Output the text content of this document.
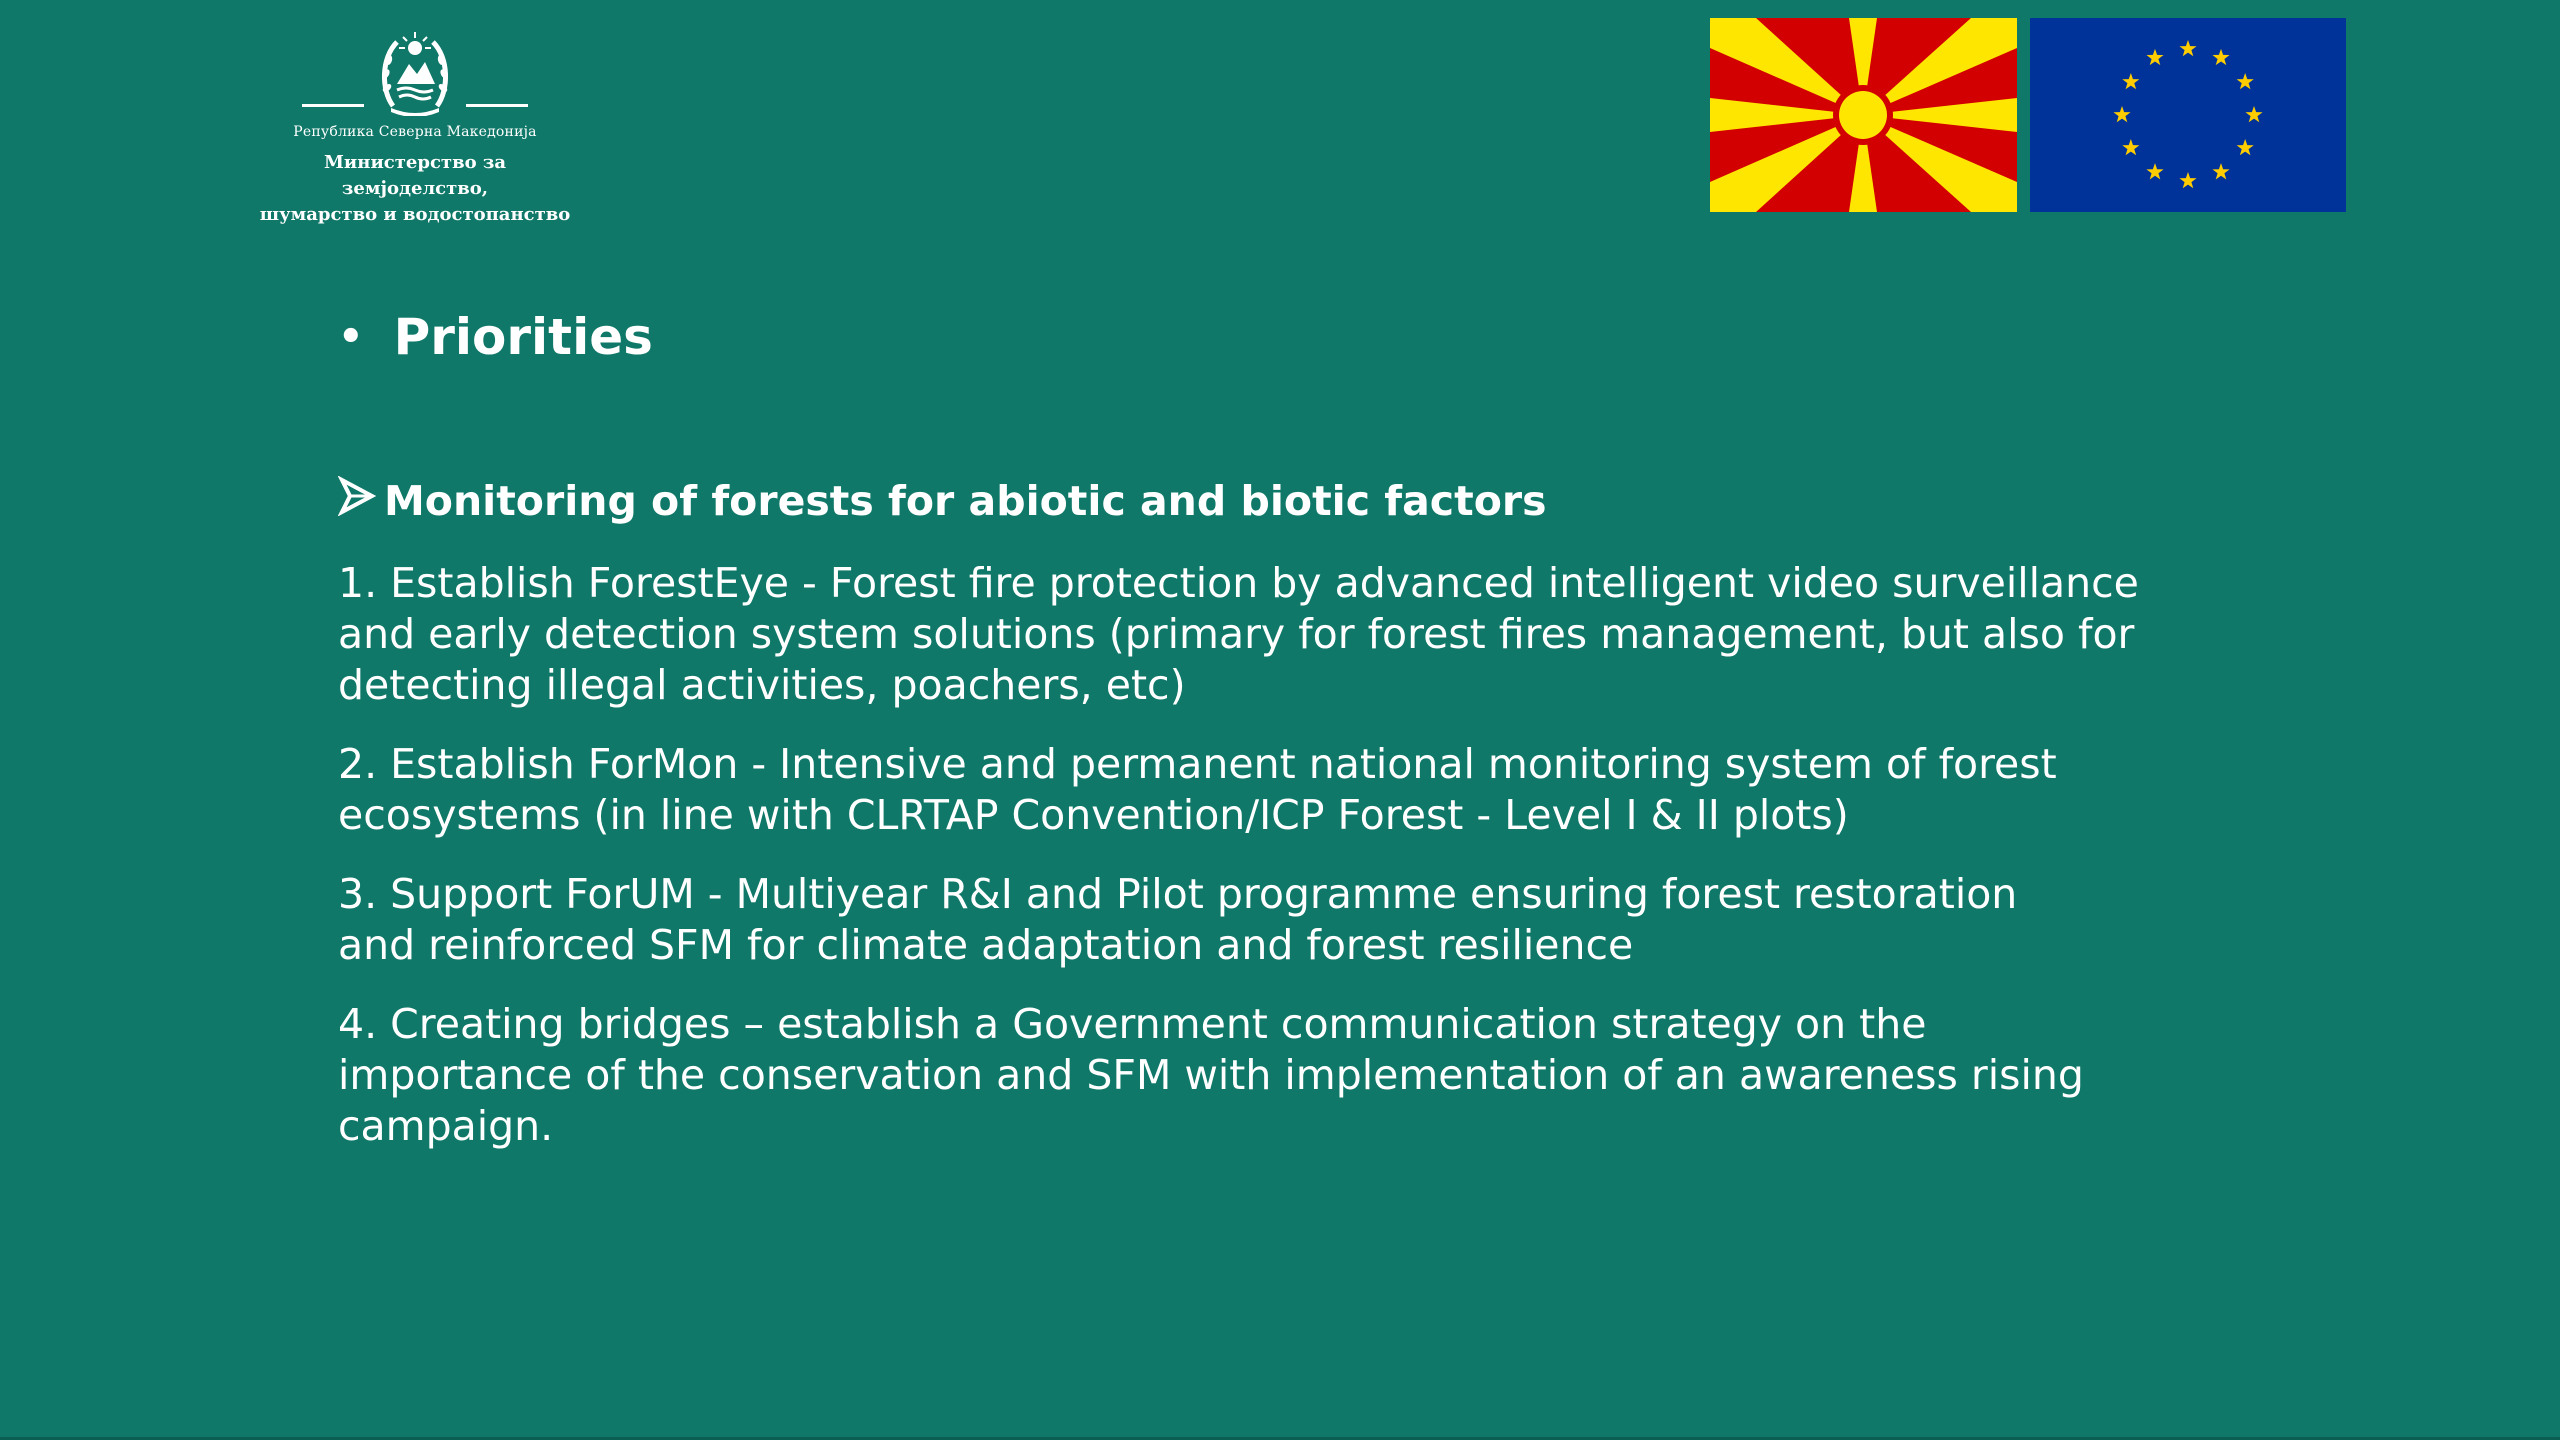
Република Северна Македонија
Министерство за земјоделство,
шумарство и водостопанство
• Priorities
Monitoring of forests for abiotic and biotic factors
1. Establish ForestEye - Forest fire protection by advanced intelligent video surveillance
and early detection system solutions (primary for forest fires management, but also for
detecting illegal activities, poachers, etc)
2. Establish ForMon - Intensive and permanent national monitoring system of forest
ecosystems (in line with CLRTAP Convention/ICP Forest - Level I & II plots)
3. Support ForUM - Multiyear R&I and Pilot programme ensuring forest restoration
and reinforced SFM for climate adaptation and forest resilience
4. Creating bridges – establish a Government communication strategy on the
importance of the conservation and SFM with implementation of an awareness rising
campaign.
